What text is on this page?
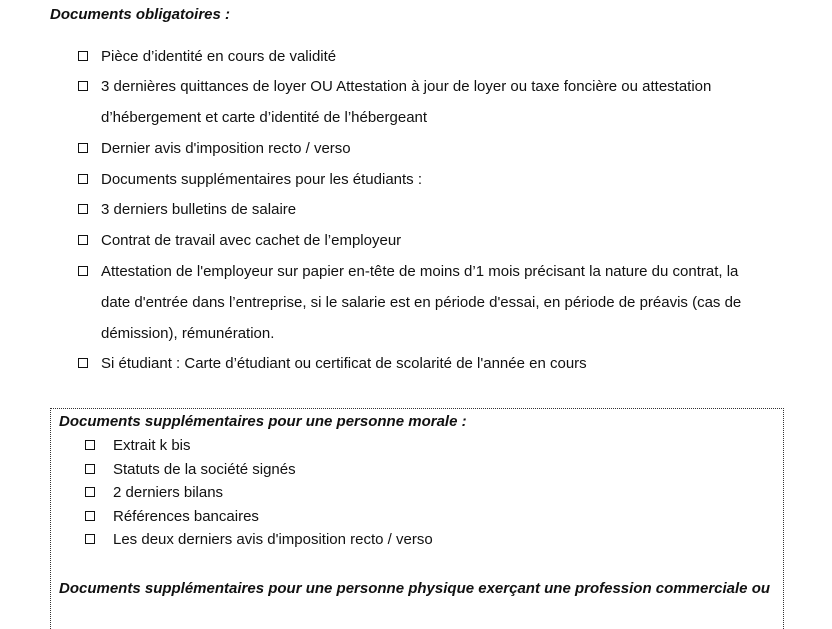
Documents obligatoires :
Pièce d’identité en cours de validité
3 dernières quittances de loyer OU Attestation à jour de loyer ou taxe foncière ou attestation
d’hébergement et carte d’identité de l’hébergeant
Dernier avis d'imposition recto / verso
Documents supplémentaires pour les étudiants :
3 derniers bulletins de salaire
Contrat de travail avec cachet de l’employeur
Attestation de l'employeur sur papier en-tête de moins d’1 mois précisant la nature du contrat, la
date d'entrée dans l’entreprise, si le salarie est en période d'essai, en période de préavis (cas de
démission), rémunération.
Si étudiant : Carte d’étudiant ou certificat de scolarité de l'année en cours
Documents supplémentaires pour une personne morale :
Extrait k bis
Statuts de la société signés
2 derniers bilans
Références bancaires
Les deux derniers avis d'imposition recto / verso
Documents supplémentaires pour une personne physique exerçant une profession commerciale ou
